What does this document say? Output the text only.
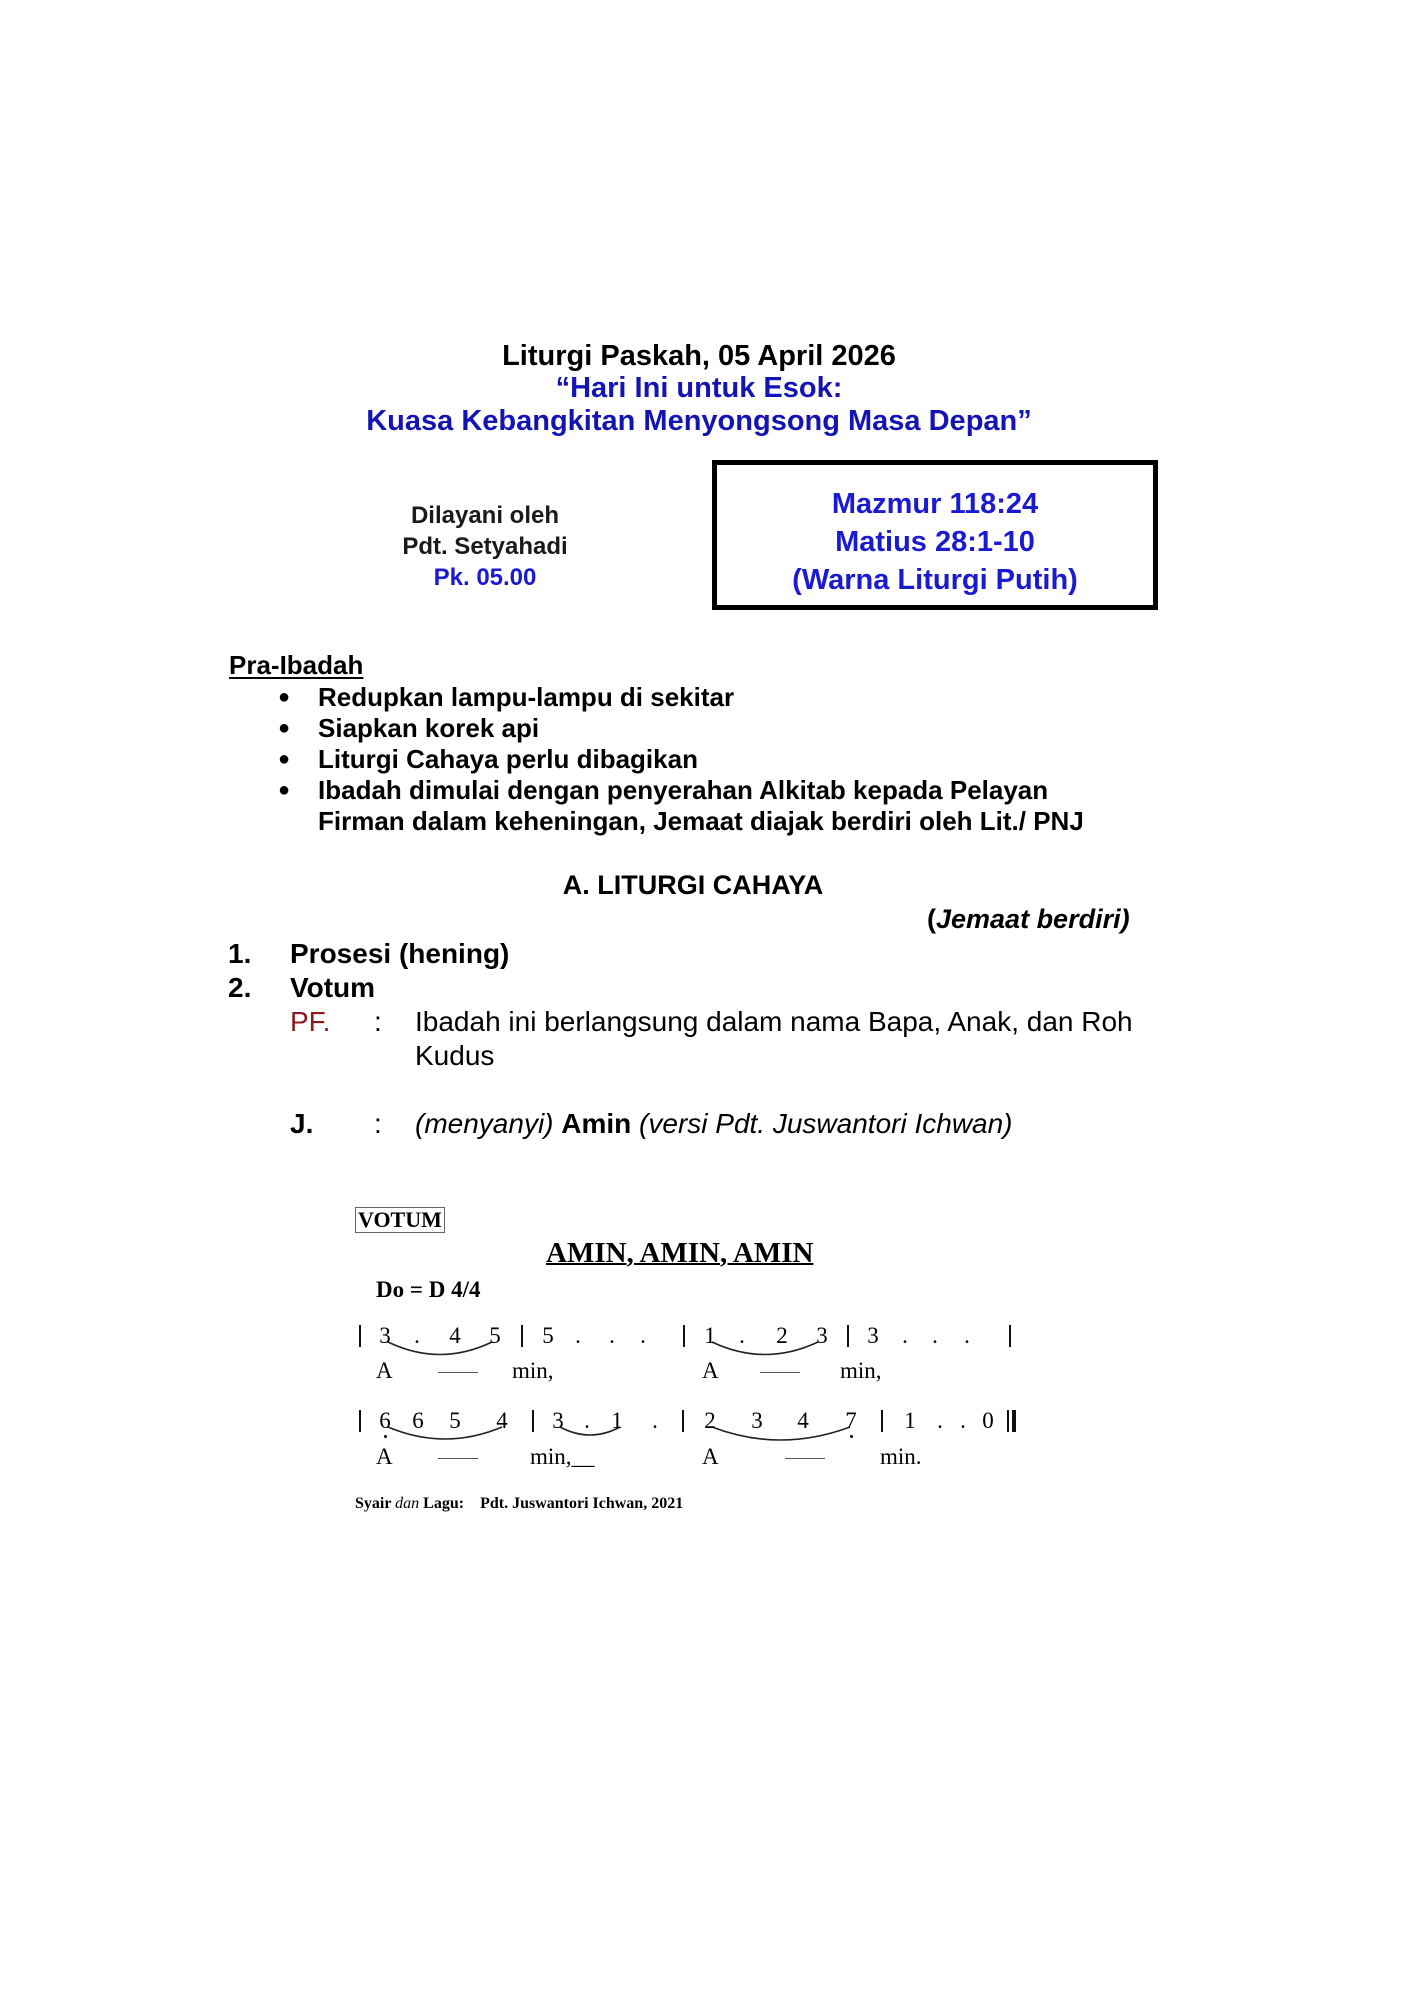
Liturgi Paskah, 05 April 2026
“Hari Ini untuk Esok:
Kuasa Kebangkitan Menyongsong Masa Depan”
Dilayani oleh
Pdt. Setyahadi
Pk. 05.00
Mazmur 118:24
Matius 28:1-10
(Warna Liturgi Putih)
Pra-Ibadah
● Redupkan lampu-lampu di sekitar
● Siapkan korek api
● Liturgi Cahaya perlu dibagikan
● Ibadah dimulai dengan penyerahan Alkitab kepada Pelayan
Firman dalam keheningan, Jemaat diajak berdiri oleh Lit./ PNJ
A. LITURGI CAHAYA
(Jemaat berdiri)
1. Prosesi (hening)
2. Votum
PF. : Ibadah ini berlangsung dalam nama Bapa, Anak, dan Roh
Kudus
J. : (menyanyi) Amin (versi Pdt. Juswantori Ichwan)
VOTUM
AMIN, AMIN, AMIN
Do = D 4/4
3 . 4 5 5 . . .	1 . 2 3 3 . . .
A	min,	A	min,
6 6 5 4 3 . 1 . 2 3 4 7 1 . . 0
A	min,__	A	min.
Syair dan Lagu: Pdt. Juswantori Ichwan, 2021
